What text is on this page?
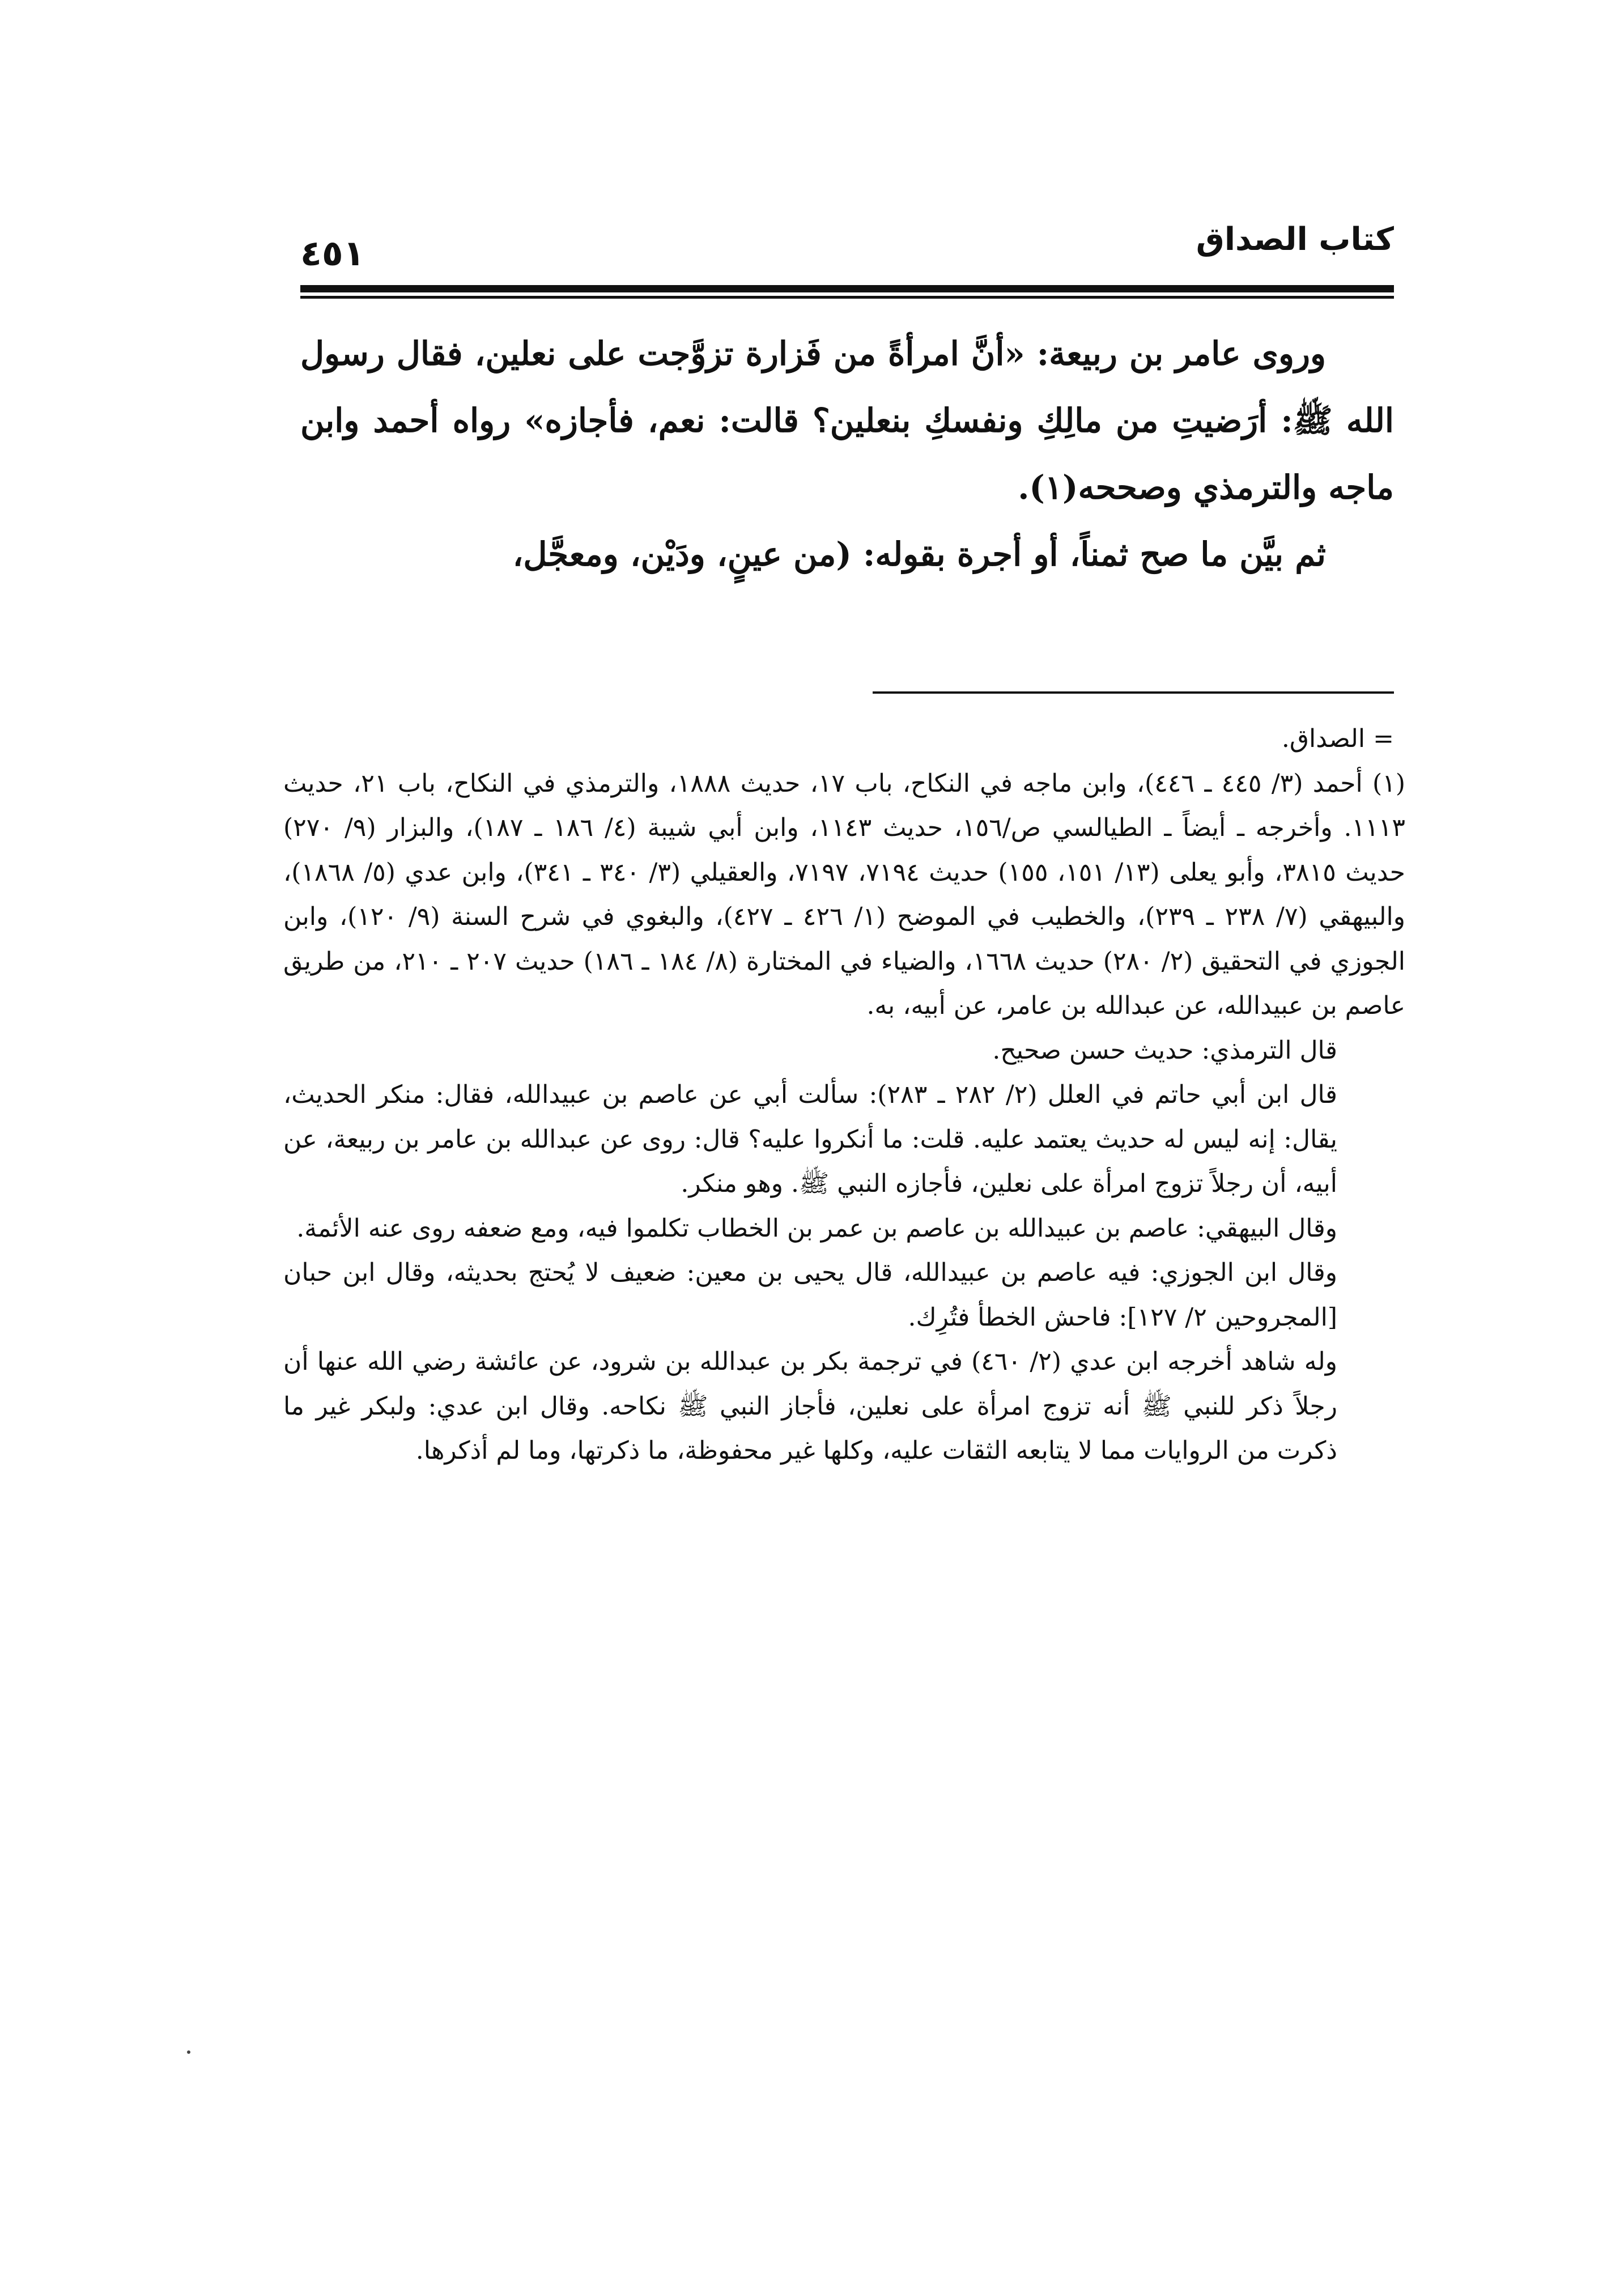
٤٥١	كتاب الصداق

وروى عامر بن ربيعة: «أنَّ امرأةً من فَزارة تزوَّجت على نعلين، فقال رسول الله ﷺ: أرَضيتِ من مالِكِ ونفسكِ بنعلين؟ قالت: نعم، فأجازه» رواه أحمد وابن ماجه والترمذي وصححه(١).

ثم بيَّن ما صح ثمناً، أو أجرة بقوله: (من عينٍ، ودَيْن، ومعجَّل،

= الصداق.

(١) أحمد (٣/ ٤٤٥ ـ ٤٤٦)، وابن ماجه في النكاح، باب ١٧، حديث ١٨٨٨، والترمذي في النكاح، باب ٢١، حديث ١١١٣. وأخرجه ـ أيضاً ـ الطيالسي ص/١٥٦، حديث ١١٤٣، وابن أبي شيبة (٤/ ١٨٦ ـ ١٨٧)، والبزار (٩/ ٢٧٠) حديث ٣٨١٥، وأبو يعلى (١٣/ ١٥١، ١٥٥) حديث ٧١٩٤، ٧١٩٧، والعقيلي (٣/ ٣٤٠ ـ ٣٤١)، وابن عدي (٥/ ١٨٦٨)، والبيهقي (٧/ ٢٣٨ ـ ٢٣٩)، والخطيب في الموضح (١/ ٤٢٦ ـ ٤٢٧)، والبغوي في شرح السنة (٩/ ١٢٠)، وابن الجوزي في التحقيق (٢/ ٢٨٠) حديث ١٦٦٨، والضياء في المختارة (٨/ ١٨٤ ـ ١٨٦) حديث ٢٠٧ ـ ٢١٠، من طريق عاصم بن عبيدالله، عن عبدالله بن عامر، عن أبيه، به.

قال الترمذي: حديث حسن صحيح.

قال ابن أبي حاتم في العلل (٢/ ٢٨٢ ـ ٢٨٣): سألت أبي عن عاصم بن عبيدالله، فقال: منكر الحديث، يقال: إنه ليس له حديث يعتمد عليه. قلت: ما أنكروا عليه؟ قال: روى عن عبدالله بن عامر بن ربيعة، عن أبيه، أن رجلاً تزوج امرأة على نعلين، فأجازه النبي ﷺ. وهو منكر.

وقال البيهقي: عاصم بن عبيدالله بن عاصم بن عمر بن الخطاب تكلموا فيه، ومع ضعفه روى عنه الأئمة.

وقال ابن الجوزي: فيه عاصم بن عبيدالله، قال يحيى بن معين: ضعيف لا يُحتج بحديثه، وقال ابن حبان [المجروحين ٢/ ١٢٧]: فاحش الخطأ فتُرِك.

وله شاهد أخرجه ابن عدي (٢/ ٤٦٠) في ترجمة بكر بن عبدالله بن شرود، عن عائشة رضي الله عنها أن رجلاً ذكر للنبي ﷺ أنه تزوج امرأة على نعلين، فأجاز النبي ﷺ نكاحه. وقال ابن عدي: ولبكر غير ما ذكرت من الروايات مما لا يتابعه الثقات عليه، وكلها غير محفوظة، ما ذكرتها، وما لم أذكرها.
